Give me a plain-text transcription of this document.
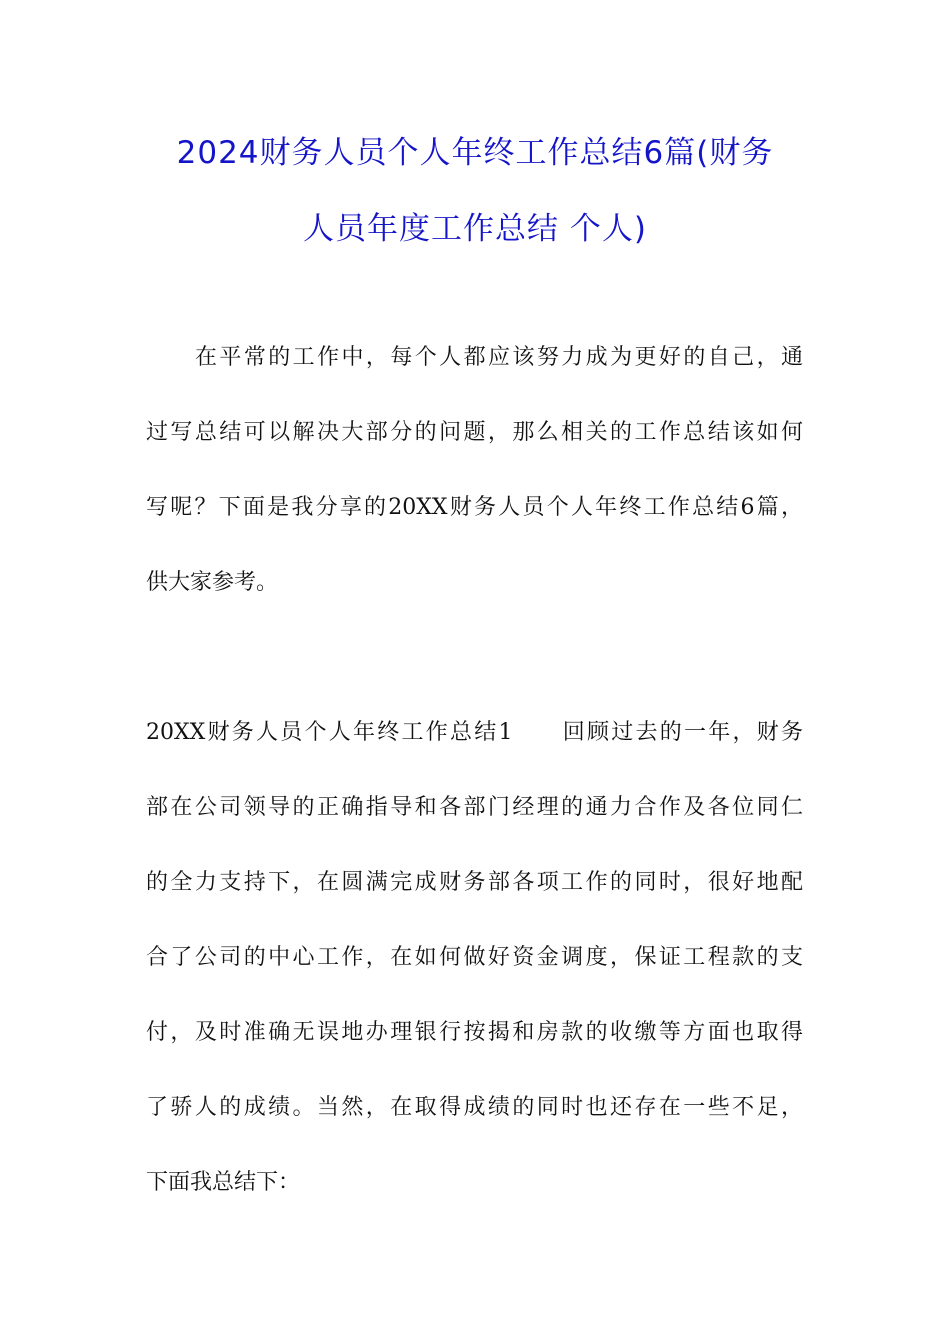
2024财务人员个人年终工作总结6篇(财务
人员年度工作总结 个人)
在平常的工作中，每个人都应该努力成为更好的自己，通
过写总结可以解决大部分的问题，那么相关的工作总结该如何
写呢？下面是我分享的20XX财务人员个人年终工作总结6篇，
供大家参考。
20XX财务人员个人年终工作总结1 回顾过去的一年，财务
部在公司领导的正确指导和各部门经理的通力合作及各位同仁
的全力支持下，在圆满完成财务部各项工作的同时，很好地配
合了公司的中心工作，在如何做好资金调度，保证工程款的支
付，及时准确无误地办理银行按揭和房款的收缴等方面也取得
了骄人的成绩。当然，在取得成绩的同时也还存在一些不足，
下面我总结下：
